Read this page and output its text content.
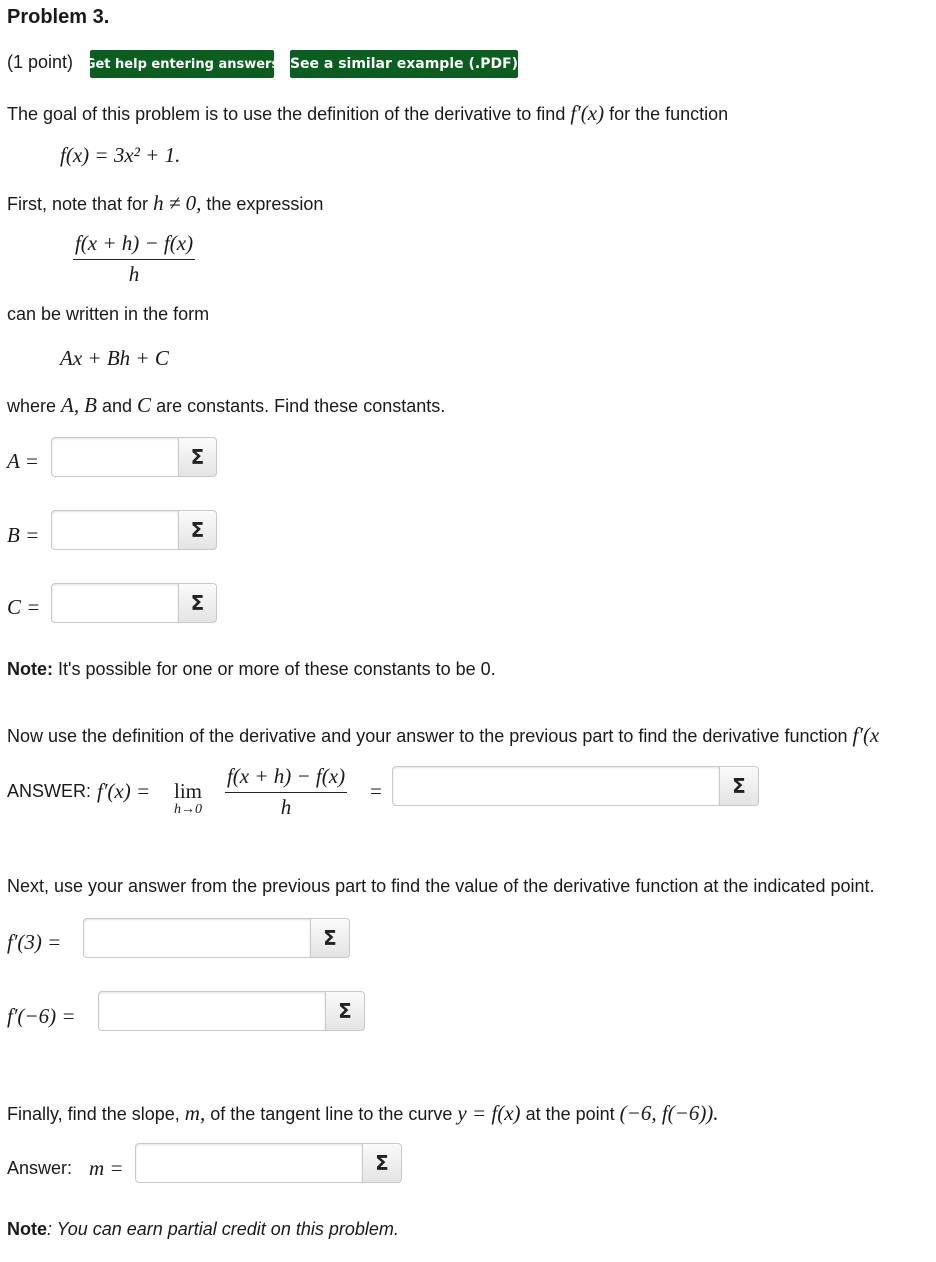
Problem 3.
(1 point) Get help entering answers See a similar example (.PDF)
The goal of this problem is to use the definition of the derivative to find f′(x) for the function
f(x) = 3x² + 1.
First, note that for h ≠ 0, the expression
$\frac{f(x + h) - f(x)}{h}$
can be written in the form
Ax + Bh + C
where A, B and C are constants. Find these constants.
A =	Σ
B =	Σ
C =	Σ
Note: It's possible for one or more of these constants to be 0.
Now use the definition of the derivative and your answer to the previous part to find the derivative function f′(x
ANSWER: f′(x) = lim
$h\to 0 \frac{f(x + h) - f(x)}{h}$ =	Σ
Next, use your answer from the previous part to find the value of the derivative function at the indicated point.
f′(3) =	Σ
f′(−6) =	Σ
Finally, find the slope, m, of the tangent line to the curve y = f(x) at the point (−6, f(−6)).
Answer: m =	Σ
Note: You can earn partial credit on this problem.
